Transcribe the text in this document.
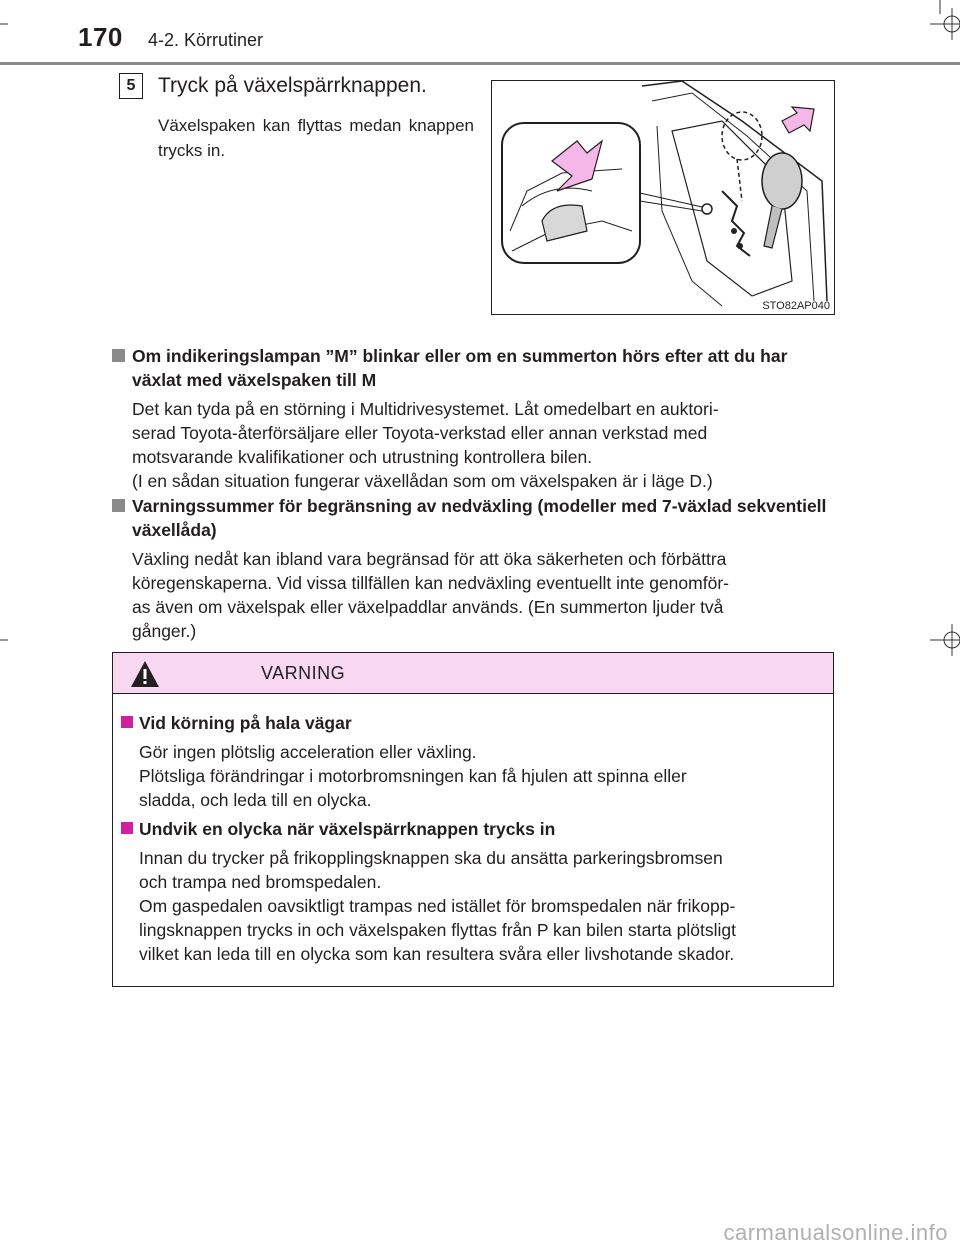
170 4-2. Körrutiner
5	Tryck på växelspärrknappen.
Växelspaken kan flyttas medan knappen trycks in.
STO82AP040
Om indikeringslampan ”M” blinkar eller om en summerton hörs efter att du har växlat med växelspaken till M
Det kan tyda på en störning i Multidrivesystemet. Låt omedelbart en auktori-
serad Toyota-återförsäljare eller Toyota-verkstad eller annan verkstad med
motsvarande kvalifikationer och utrustning kontrollera bilen.
(I en sådan situation fungerar växellådan som om växelspaken är i läge D.)
Varningssummer för begränsning av nedväxling (modeller med 7-växlad sekventiell växellåda)
Växling nedåt kan ibland vara begränsad för att öka säkerheten och förbättra
köregenskaperna. Vid vissa tillfällen kan nedväxling eventuellt inte genomför-
as även om växelspak eller växelpaddlar används. (En summerton ljuder två
gånger.)
VARNING
Vid körning på hala vägar
Gör ingen plötslig acceleration eller växling.
Plötsliga förändringar i motorbromsningen kan få hjulen att spinna eller
sladda, och leda till en olycka.
Undvik en olycka när växelspärrknappen trycks in
Innan du trycker på frikopplingsknappen ska du ansätta parkeringsbromsen
och trampa ned bromspedalen.
Om gaspedalen oavsiktligt trampas ned istället för bromspedalen när frikopp-
lingsknappen trycks in och växelspaken flyttas från P kan bilen starta plötsligt
vilket kan leda till en olycka som kan resultera svåra eller livshotande skador.
carmanualsonline.info
